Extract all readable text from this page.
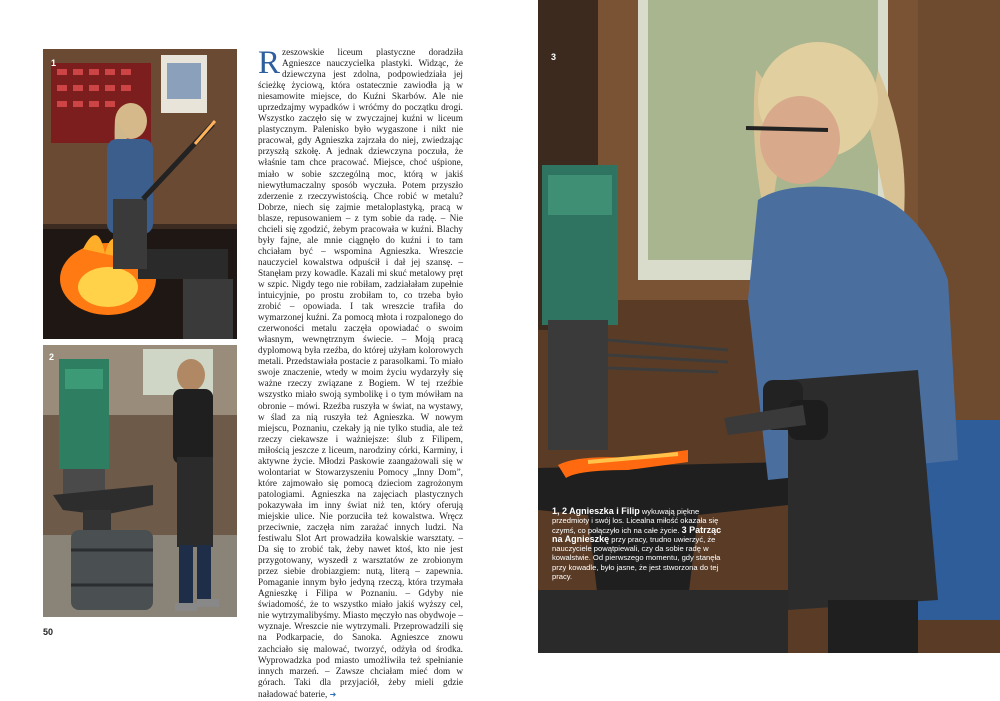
1
2

Rzeszowskie liceum plastyczne doradziła Agnieszce nauczycielka plastyki. Widząc, że dziewczyna jest zdolna, podpowiedziała jej ścieżkę życiową, która ostatecznie zawiodła ją w niesamowite miejsce, do Kuźni Skarbów. Ale nie uprzedzajmy wypadków i wróćmy do początku drogi. Wszystko zaczęło się w zwyczajnej kuźni w liceum plastycznym. Palenisko było wygaszone i nikt nie pracował, gdy Agnieszka zajrzała do niej, zwiedzając przyszłą szkołę. A jednak dziewczyna poczuła, że właśnie tam chce pracować. Miejsce, choć uśpione, miało w sobie szczególną moc, którą w jakiś niewytłumaczalny sposób wyczuła. Potem przyszło zderzenie z rzeczywistością. Chce robić w metalu? Dobrze, niech się zajmie metaloplastyką, pracą w blasze, repusowaniem – z tym sobie da radę. – Nie chcieli się zgodzić, żebym pracowała w kuźni. Blachy były fajne, ale mnie ciągnęło do kuźni i to tam chciałam być – wspomina Agnieszka. Wreszcie nauczyciel kowalstwa odpuścił i dał jej szansę. – Stanęłam przy kowadle. Kazali mi skuć metalowy pręt w szpic. Nigdy tego nie robiłam, zadziałałam zupełnie intuicyjnie, po prostu zrobiłam to, co trzeba było zrobić – opowiada. I tak wreszcie trafiła do wymarzonej kuźni. Za pomocą młota i rozpalonego do czerwoności metalu zaczęła opowiadać o swoim własnym, wewnętrznym świecie. – Moją pracą dyplomową była rzeźba, do której użyłam kolorowych metali. Przedstawiała postacie z parasolkami. To miało swoje znaczenie, wtedy w moim życiu wydarzyły się ważne rzeczy związane z Bogiem. W tej rzeźbie wszystko miało swoją symbolikę i o tym mówiłam na obronie – mówi. Rzeźba ruszyła w świat, na wystawy, w ślad za nią ruszyła też Agnieszka. W nowym miejscu, Poznaniu, czekały ją nie tylko studia, ale też rzeczy ciekawsze i ważniejsze: ślub z Filipem, miłością jeszcze z liceum, narodziny córki, Karminy, i aktywne życie. Młodzi Paskowie zaangażowali się w wolontariat w Stowarzyszeniu Pomocy „Inny Dom”, które zajmowało się pomocą dzieciom zagrożonym patologiami. Agnieszka na zajęciach plastycznych pokazywała im inny świat niż ten, który oferują miejskie ulice. Nie porzuciła też kowalstwa. Wręcz przeciwnie, zaczęła nim zarażać innych ludzi. Na festiwalu Slot Art prowadziła kowalskie warsztaty. – Da się to zrobić tak, żeby nawet ktoś, kto nie jest przygotowany, wyszedł z warsztatów ze zrobionym przez siebie drobiazgiem: nutą, literą – zapewnia. Pomaganie innym było jedyną rzeczą, która trzymała Agnieszkę i Filipa w Poznaniu. – Gdyby nie świadomość, że to wszystko miało jakiś wyższy cel, nie wytrzymalibyśmy. Miasto męczyło nas obydwoje – wyznaje. Wreszcie nie wytrzymali. Przeprowadzili się na Podkarpacie, do Sanoka. Agnieszce znowu zachciało się malować, tworzyć, odżyła od środka. Wyprowadzka pod miasto umożliwiła też spełnianie innych marzeń. – Zawsze chciałam mieć dom w górach. Taki dla przyjaciół, żeby mieli gdzie naładować baterie, ➜

50
3
1, 2 Agnieszka i Filip wykuwają piękne przedmioty i swój los. Licealna miłość okazała się czymś, co połączyło ich na całe życie. 3 Patrząc na Agnieszkę przy pracy, trudno uwierzyć, że nauczyciele powątpiewali, czy da sobie radę w kowalstwie. Od pierwszego momentu, gdy stanęła przy kowadle, było jasne, że jest stworzona do tej pracy.
